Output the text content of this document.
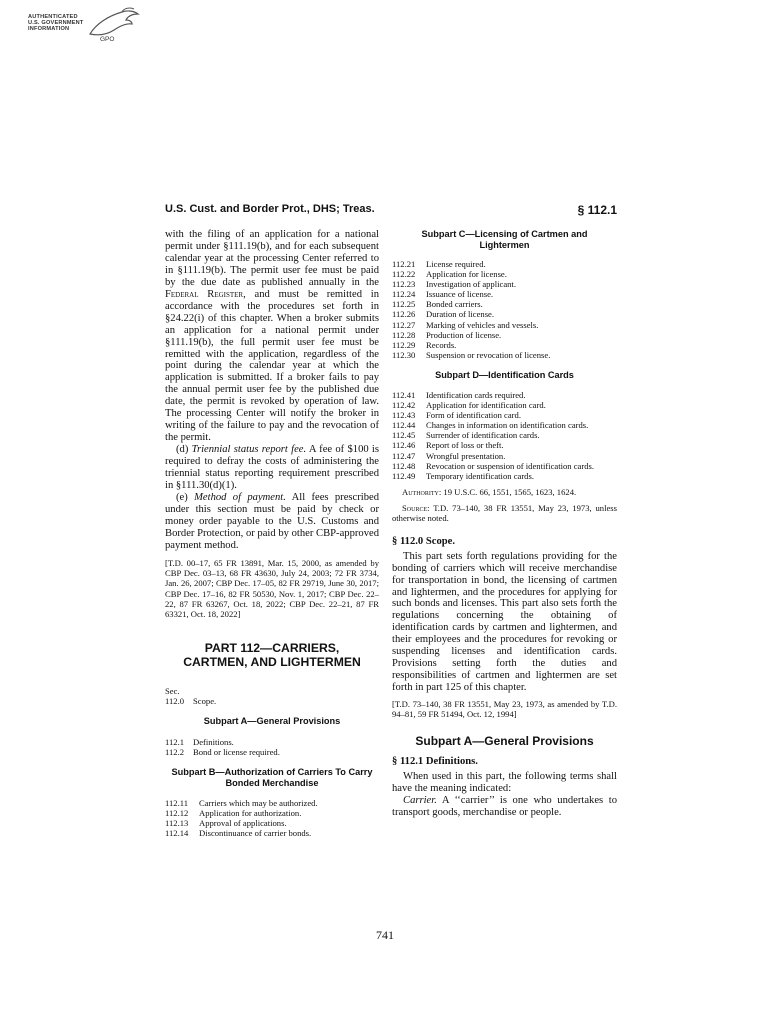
AUTHENTICATED
U.S. GOVERNMENT
INFORMATION
GPO
U.S. Cust. and Border Prot., DHS; Treas.	§ 112.1

with the filing of an application for a national permit under §111.19(b), and for each subsequent calendar year at the processing Center referred to in §111.19(b). The permit user fee must be paid by the due date as published annually in the Federal Register, and must be remitted in accordance with the procedures set forth in §24.22(i) of this chapter. When a broker submits an application for a national permit under §111.19(b), the full permit user fee must be remitted with the application, regardless of the point during the calendar year at which the application is submitted. If a broker fails to pay the annual permit user fee by the published due date, the permit is revoked by operation of law. The processing Center will notify the broker in writing of the failure to pay and the revocation of the permit.

(d) Triennial status report fee. A fee of $100 is required to defray the costs of administering the triennial status reporting requirement prescribed in §111.30(d)(1).

(e) Method of payment. All fees prescribed under this section must be paid by check or money order payable to the U.S. Customs and Border Protection, or paid by other CBP-approved payment method.

[T.D. 00–17, 65 FR 13891, Mar. 15, 2000, as amended by CBP Dec. 03–13, 68 FR 43630, July 24, 2003; 72 FR 3734, Jan. 26, 2007; CBP Dec. 17–05, 82 FR 29719, June 30, 2017; CBP Dec. 17–16, 82 FR 50530, Nov. 1, 2017; CBP Dec. 22–22, 87 FR 63267, Oct. 18, 2022; CBP Dec. 22–21, 87 FR 63321, Oct. 18, 2022]

PART 112—CARRIERS, CARTMEN, AND LIGHTERMEN

Sec.

112.0	Scope.

Subpart A—General Provisions

112.1	Definitions.
112.2	Bond or license required.

Subpart B—Authorization of Carriers To Carry Bonded Merchandise

112.11	Carriers which may be authorized.
112.12	Application for authorization.
112.13	Approval of applications.
112.14	Discontinuance of carrier bonds.

Subpart C—Licensing of Cartmen and Lightermen

112.21	License required.
112.22	Application for license.
112.23	Investigation of applicant.
112.24	Issuance of license.
112.25	Bonded carriers.
112.26	Duration of license.
112.27	Marking of vehicles and vessels.
112.28	Production of license.
112.29	Records.
112.30	Suspension or revocation of license.

Subpart D—Identification Cards

112.41	Identification cards required.
112.42	Application for identification card.
112.43	Form of identification card.
112.44 Changes in information on identification cards.
112.45	Surrender of identification cards.
112.46	Report of loss or theft.
112.47	Wrongful presentation.
112.48 Revocation or suspension of identification cards.
112.49	Temporary identification cards.

Authority: 19 U.S.C. 66, 1551, 1565, 1623, 1624.

Source: T.D. 73–140, 38 FR 13551, May 23, 1973, unless otherwise noted.

§ 112.0 Scope.

This part sets forth regulations providing for the bonding of carriers which will receive merchandise for transportation in bond, the licensing of cartmen and lightermen, and the procedures for applying for such bonds and licenses. This part also sets forth the regulations concerning the obtaining of identification cards by cartmen and lightermen, and their employees and the procedures for revoking or suspending licenses and identification cards. Provisions setting forth the duties and responsibilities of cartmen and lightermen are set forth in part 125 of this chapter.

[T.D. 73–140, 38 FR 13551, May 23, 1973, as amended by T.D. 94–81, 59 FR 51494, Oct. 12, 1994]

Subpart A—General Provisions

§ 112.1 Definitions.

When used in this part, the following terms shall have the meaning indicated:

Carrier. A ‘‘carrier’’ is one who undertakes to transport goods, merchandise or people.

741
